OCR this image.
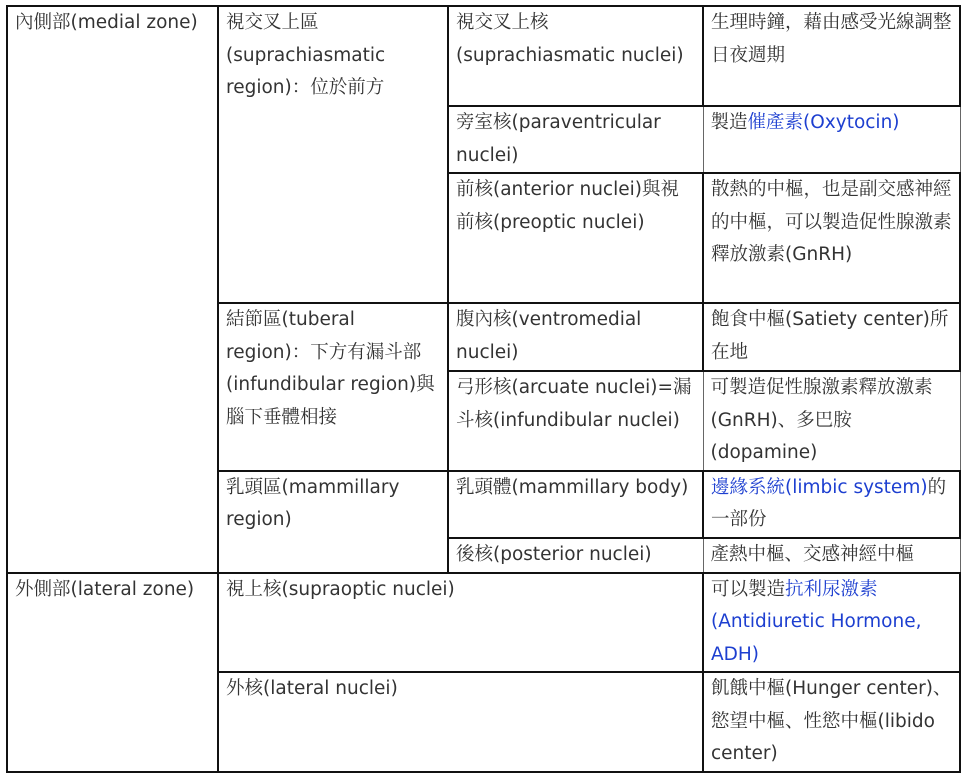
內側部(medial zone)	視交叉上區(suprachiasmatic region)：位於前方	視交叉上核(suprachiasmatic nuclei)	生理時鐘，藉由感受光線調整日夜週期
		旁室核(paraventricular nuclei)	製造催產素(Oxytocin)
		前核(anterior nuclei)與視前核(preoptic nuclei)	散熱的中樞，也是副交感神經的中樞，可以製造促性腺激素釋放激素(GnRH)
	結節區(tuberal region)：下方有漏斗部(infundibular region)與腦下垂體相接	腹內核(ventromedial nuclei)	飽食中樞(Satiety center)所在地
		弓形核(arcuate nuclei)=漏斗核(infundibular nuclei)	可製造促性腺激素釋放激素(GnRH)、多巴胺(dopamine)
	乳頭區(mammillary region)	乳頭體(mammillary body)	邊緣系統(limbic system)的一部份
		後核(posterior nuclei)	產熱中樞、交感神經中樞
外側部(lateral zone)	視上核(supraoptic nuclei)		可以製造抗利尿激素(Antidiuretic Hormone, ADH)
	外核(lateral nuclei)		飢餓中樞(Hunger center)、慾望中樞、性慾中樞(libido center)
